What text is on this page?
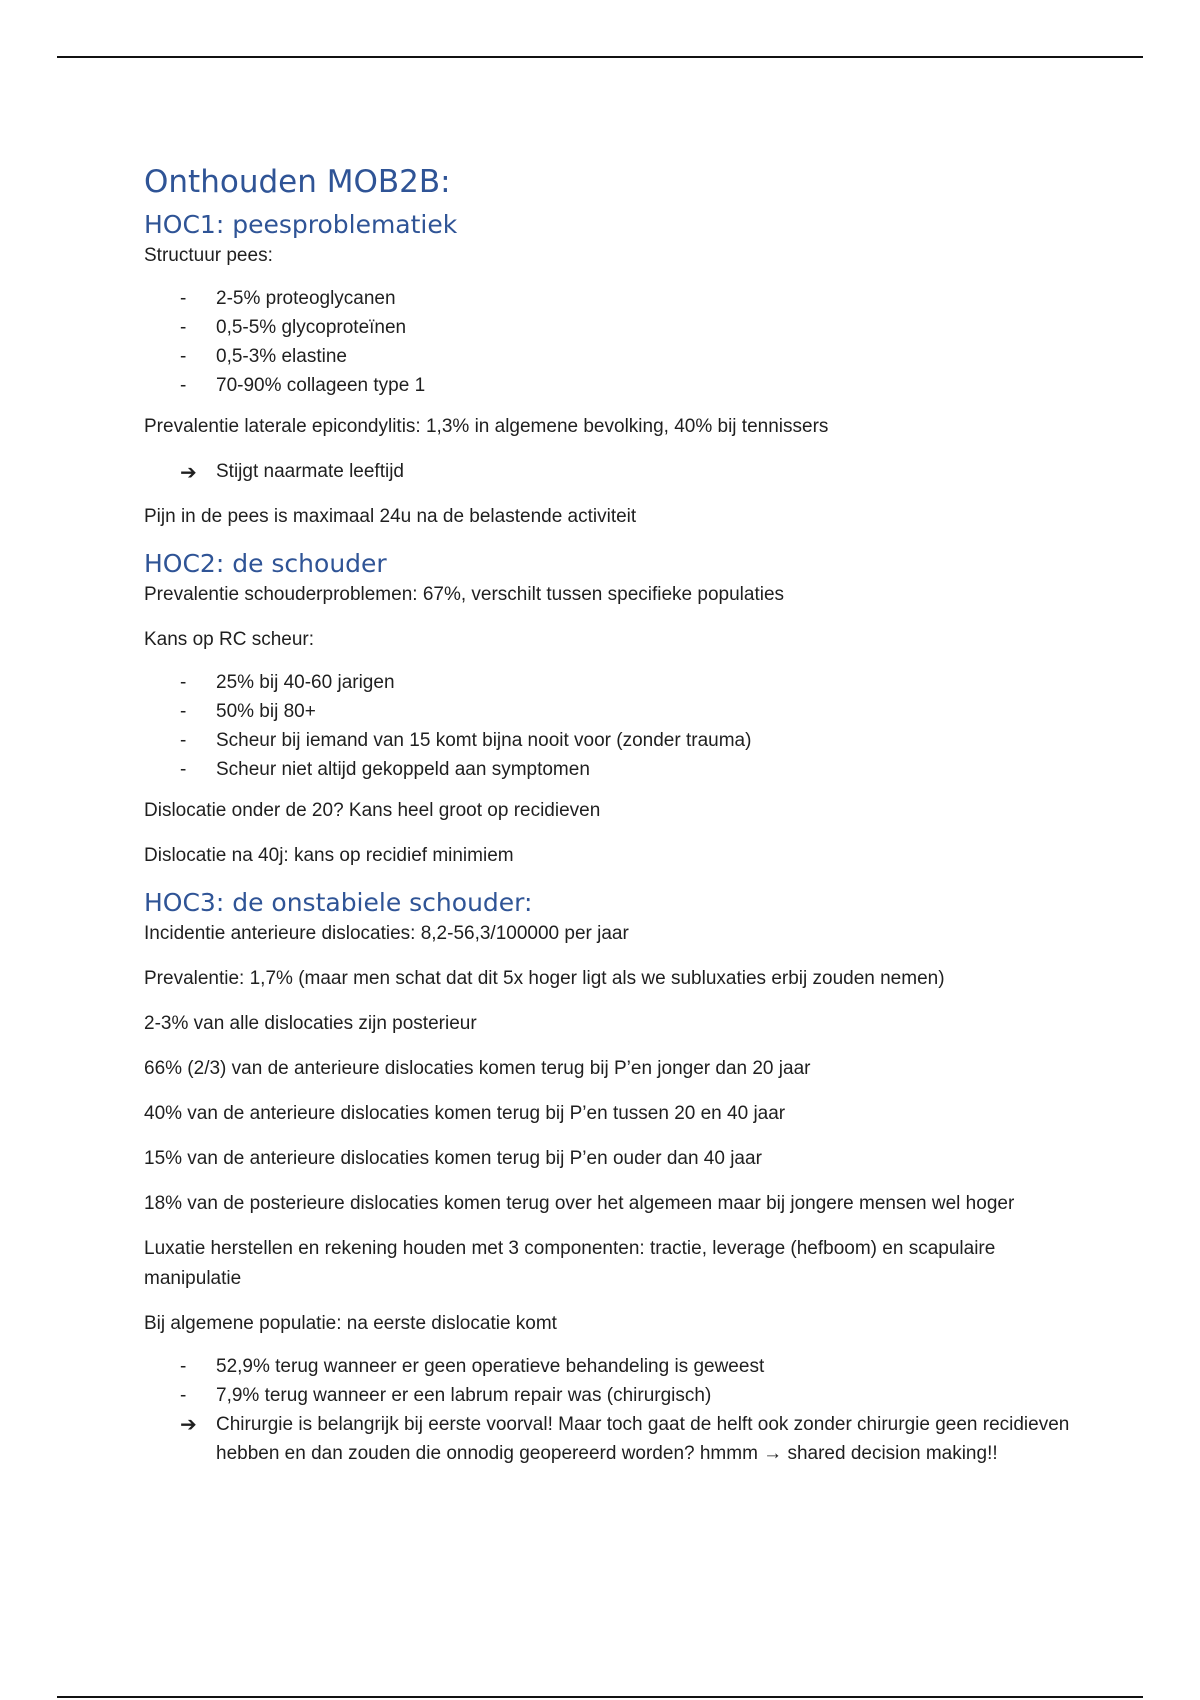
Onthouden MOB2B:
HOC1: peesproblematiek

Structuur pees:

-	2-5% proteoglycanen
-	0,5-5% glycoproteïnen
-	0,5-3% elastine
-	70-90% collageen type 1

Prevalentie laterale epicondylitis: 1,3% in algemene bevolking, 40% bij tennissers

➔ Stijgt naarmate leeftijd

Pijn in de pees is maximaal 24u na de belastende activiteit

HOC2: de schouder

Prevalentie schouderproblemen: 67%, verschilt tussen specifieke populaties

Kans op RC scheur:

-	25% bij 40-60 jarigen
-	50% bij 80+
-	Scheur bij iemand van 15 komt bijna nooit voor (zonder trauma)
-	Scheur niet altijd gekoppeld aan symptomen

Dislocatie onder de 20? Kans heel groot op recidieven

Dislocatie na 40j: kans op recidief minimiem

HOC3: de onstabiele schouder:

Incidentie anterieure dislocaties: 8,2-56,3/100000 per jaar

Prevalentie: 1,7% (maar men schat dat dit 5x hoger ligt als we subluxaties erbij zouden nemen)

2-3% van alle dislocaties zijn posterieur

66% (2/3) van de anterieure dislocaties komen terug bij P’en jonger dan 20 jaar

40% van de anterieure dislocaties komen terug bij P’en tussen 20 en 40 jaar

15% van de anterieure dislocaties komen terug bij P’en ouder dan 40 jaar

18% van de posterieure dislocaties komen terug over het algemeen maar bij jongere mensen wel hoger

Luxatie herstellen en rekening houden met 3 componenten: tractie, leverage (hefboom) en scapulaire manipulatie

Bij algemene populatie: na eerste dislocatie komt

-	52,9% terug wanneer er geen operatieve behandeling is geweest
-	7,9% terug wanneer er een labrum repair was (chirurgisch)
➔ Chirurgie is belangrijk bij eerste voorval! Maar toch gaat de helft ook zonder chirurgie geen recidieven hebben en dan zouden die onnodig geopereerd worden? hmmm → shared decision making!!
